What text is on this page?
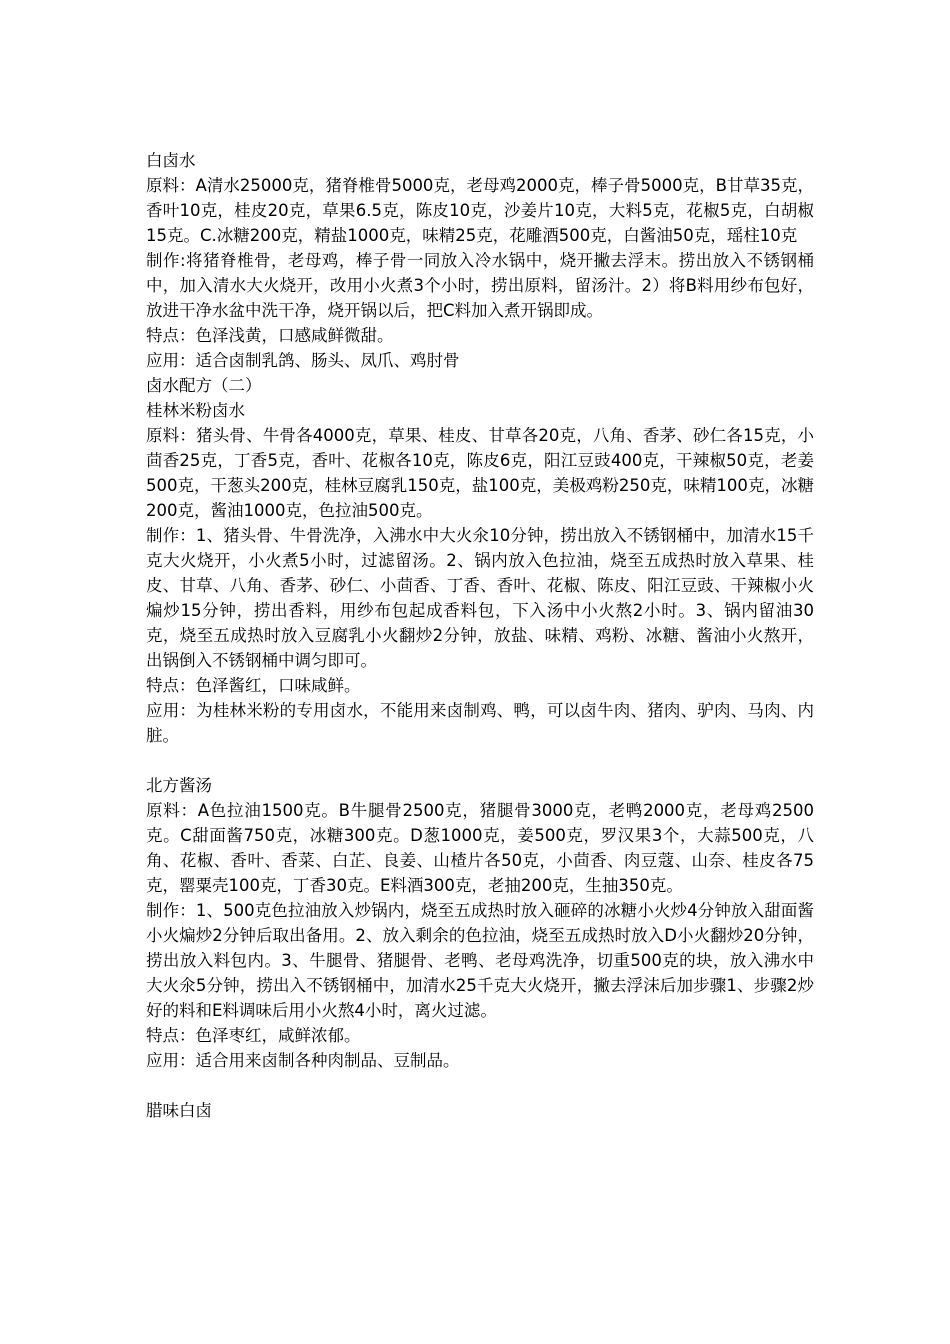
白卤水

原料：A清水25000克，猪脊椎骨5000克，老母鸡2000克，棒子骨5000克，B甘草35克，香叶10克，桂皮20克，草果6.5克，陈皮10克，沙姜片10克，大料5克，花椒5克，白胡椒15克。C.冰糖200克，精盐1000克，味精25克，花雕酒500克，白酱油50克，瑶柱10克

制作:将猪脊椎骨，老母鸡，棒子骨一同放入冷水锅中，烧开撇去浮末。捞出放入不锈钢桶中，加入清水大火烧开，改用小火煮3个小时，捞出原料，留汤汁。2）将B料用纱布包好，放进干净水盆中洗干净，烧开锅以后，把C料加入煮开锅即成。

特点：色泽浅黄，口感咸鲜微甜。

应用：适合卤制乳鸽、肠头、凤爪、鸡肘骨

卤水配方（二）

桂林米粉卤水

原料：猪头骨、牛骨各4000克，草果、桂皮、甘草各20克，八角、香茅、砂仁各15克，小茴香25克，丁香5克，香叶、花椒各10克，陈皮6克，阳江豆豉400克，干辣椒50克，老姜500克，干葱头200克，桂林豆腐乳150克，盐100克，美极鸡粉250克，味精100克，冰糖200克，酱油1000克，色拉油500克。

制作：1、猪头骨、牛骨洗净，入沸水中大火氽10分钟，捞出放入不锈钢桶中，加清水15千克大火烧开，小火煮5小时，过滤留汤。2、锅内放入色拉油，烧至五成热时放入草果、桂皮、甘草、八角、香茅、砂仁、小茴香、丁香、香叶、花椒、陈皮、阳江豆豉、干辣椒小火煸炒15分钟，捞出香料，用纱布包起成香料包，下入汤中小火熬2小时。3、锅内留油30克，烧至五成热时放入豆腐乳小火翻炒2分钟，放盐、味精、鸡粉、冰糖、酱油小火熬开，出锅倒入不锈钢桶中调匀即可。

特点：色泽酱红，口味咸鲜。

应用：为桂林米粉的专用卤水，不能用来卤制鸡、鸭，可以卤牛肉、猪肉、驴肉、马肉、内脏。

北方酱汤

原料：A色拉油1500克。B牛腿骨2500克，猪腿骨3000克，老鸭2000克，老母鸡2500克。C甜面酱750克，冰糖300克。D葱1000克，姜500克，罗汉果3个，大蒜500克，八角、花椒、香叶、香菜、白芷、良姜、山楂片各50克，小茴香、肉豆蔻、山奈、桂皮各75克，罂粟壳100克，丁香30克。E料酒300克，老抽200克，生抽350克。

制作：1、500克色拉油放入炒锅内，烧至五成热时放入砸碎的冰糖小火炒4分钟放入甜面酱小火煸炒2分钟后取出备用。2、放入剩余的色拉油，烧至五成热时放入D小火翻炒20分钟，捞出放入料包内。3、牛腿骨、猪腿骨、老鸭、老母鸡洗净，切重500克的块，放入沸水中大火氽5分钟，捞出入不锈钢桶中，加清水25千克大火烧开，撇去浮沫后加步骤1、步骤2炒好的料和E料调味后用小火熬4小时，离火过滤。

特点：色泽枣红，咸鲜浓郁。

应用：适合用来卤制各种肉制品、豆制品。

腊味白卤
